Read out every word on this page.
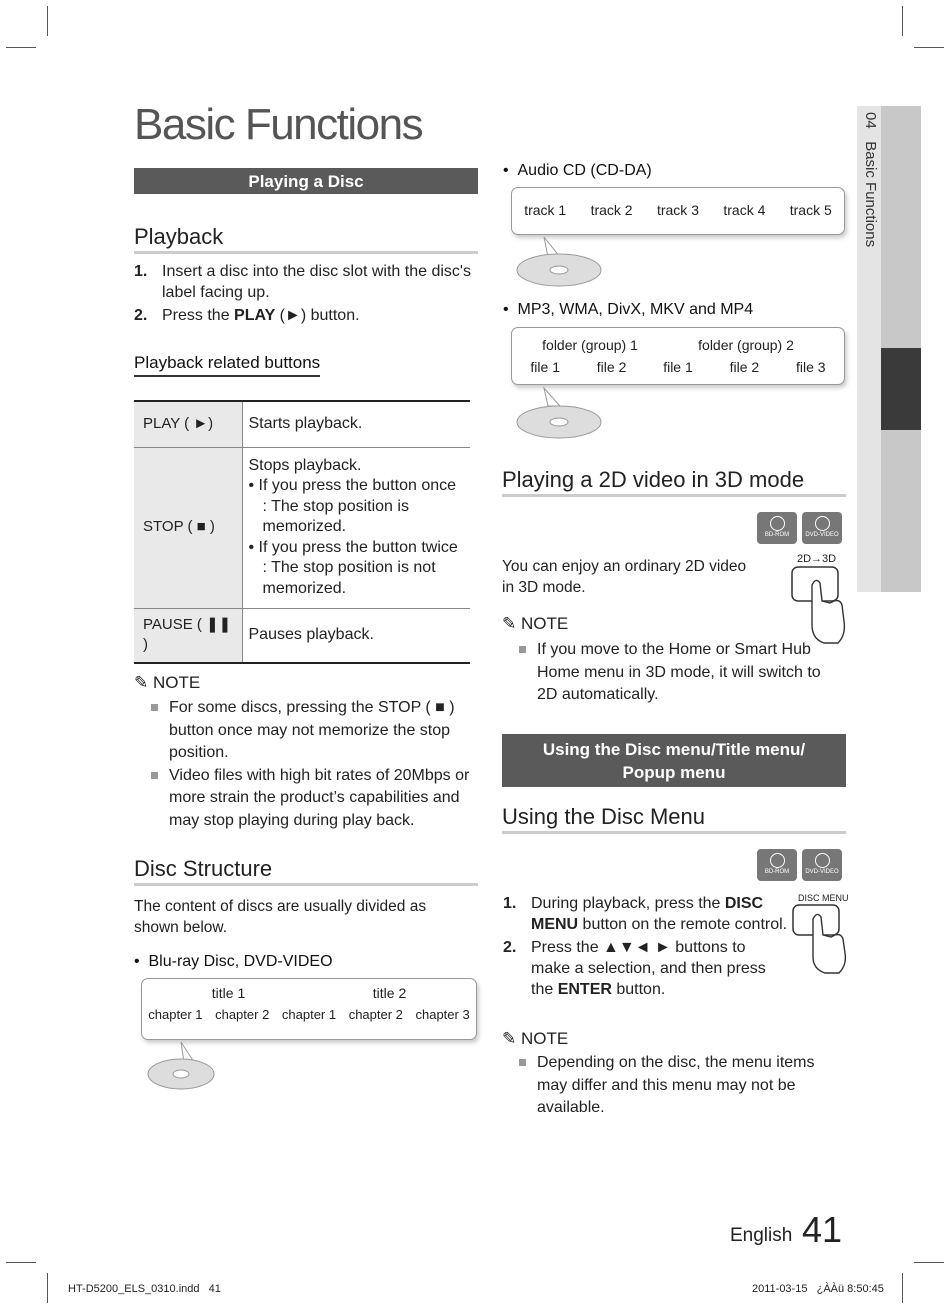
04   Basic Functions
Basic Functions
Playing a Disc
Playback
1. Insert a disc into the disc slot with the disc's label facing up.
2. Press the PLAY (►) button.
Playback related buttons
PLAY ( ►)	Starts playback.
STOP ( ■ )	Stops playback.
• If you press the button once : The stop position is memorized.
• If you press the button twice : The stop position is not memorized.

PAUSE ( ❚❚ )	Pauses playback.
✎ NOTE
For some discs, pressing the STOP ( ■ ) button once may not memorize the stop position.
Video files with high bit rates of 20Mbps or more strain the product’s capabilities and may stop playing during play back.
Disc Structure
The content of discs are usually divided as shown below.
•  Blu-ray Disc, DVD-VIDEO
title 1	title 2
chapter 1 chapter 2 chapter 1 chapter 2 chapter 3
•  Audio CD (CD-DA)
track 1 track 2 track 3 track 4 track 5
•  MP3, WMA, DivX, MKV and MP4
folder (group) 1	folder (group) 2
file 1	file 2	file 1	file 2	file 3
Playing a 2D video in 3D mode
BD-ROM	DVD-VIDEO
You can enjoy an ordinary 2D video in 3D mode.
2D→3D
✎ NOTE
If you move to the Home or Smart Hub Home menu in 3D mode, it will switch to 2D automatically.
Using the Disc menu/Title menu/
Popup menu
Using the Disc Menu
BD-ROM	DVD-VIDEO
1. During playback, press the DISC MENU button on the remote control.
2. Press the ▲▼◄ ► buttons to make a selection, and then press the ENTER button.
DISC MENU
✎ NOTE
Depending on the disc, the menu items may differ and this menu may not be available.
English 41
HT-D5200_ELS_0310.indd   41	2011-03-15   ¿ÀÀü 8:50:45
